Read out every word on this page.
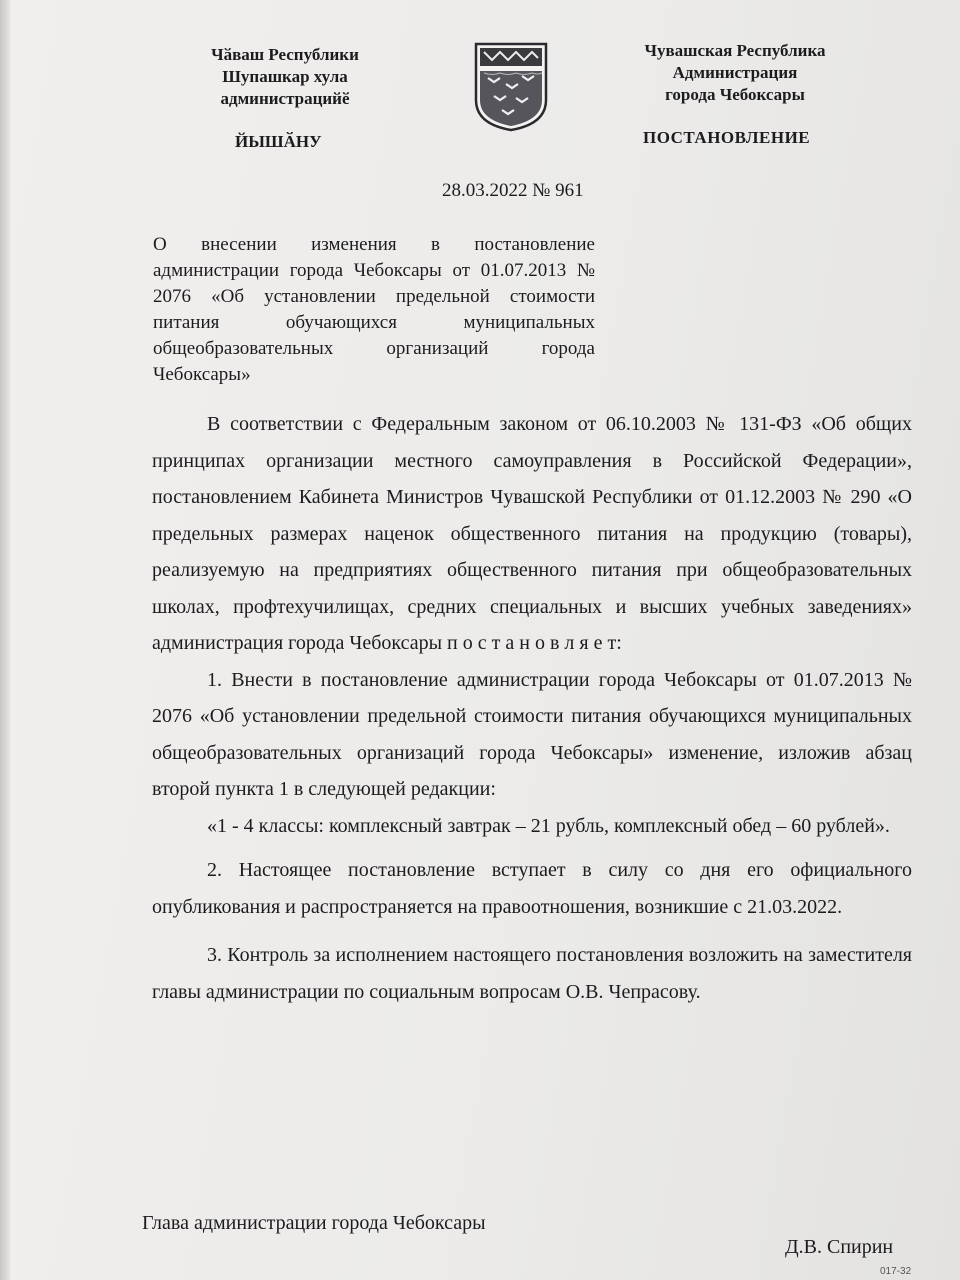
Чӑваш Республики
Шупашкар хула
администрацийӗ
ЙЫШӐНУ
Чувашская Республика
Администрация
города Чебоксары
ПОСТАНОВЛЕНИЕ
28.03.2022 № 961
О внесении изменения в постановление администрации города Чебоксары от 01.07.2013 № 2076 «Об установлении предельной стоимости питания обучающихся муниципальных общеобразовательных организаций города Чебоксары»

В соответствии с Федеральным законом от 06.10.2003 № 131-ФЗ «Об общих принципах организации местного самоуправления в Российской Федерации», постановлением Кабинета Министров Чувашской Республики от 01.12.2003 № 290 «О предельных размерах наценок общественного питания на продукцию (товары), реализуемую на предприятиях общественного питания при общеобразовательных школах, профтехучилищах, средних специальных и высших учебных заведениях» администрация города Чебоксары п о с т а н о в л я е т:

1. Внести в постановление администрации города Чебоксары от 01.07.2013 № 2076 «Об установлении предельной стоимости питания обучающихся муниципальных общеобразовательных организаций города Чебоксары» изменение, изложив абзац второй пункта 1 в следующей редакции:

«1 - 4 классы: комплексный завтрак – 21 рубль, комплексный обед – 60 рублей».

2. Настоящее постановление вступает в силу со дня его официального опубликования и распространяется на правоотношения, возникшие с 21.03.2022.

3. Контроль за исполнением настоящего постановления возложить на заместителя главы администрации по социальным вопросам О.В. Чепрасову.

Глава администрации города Чебоксары
Д.В. Спирин
017-32
